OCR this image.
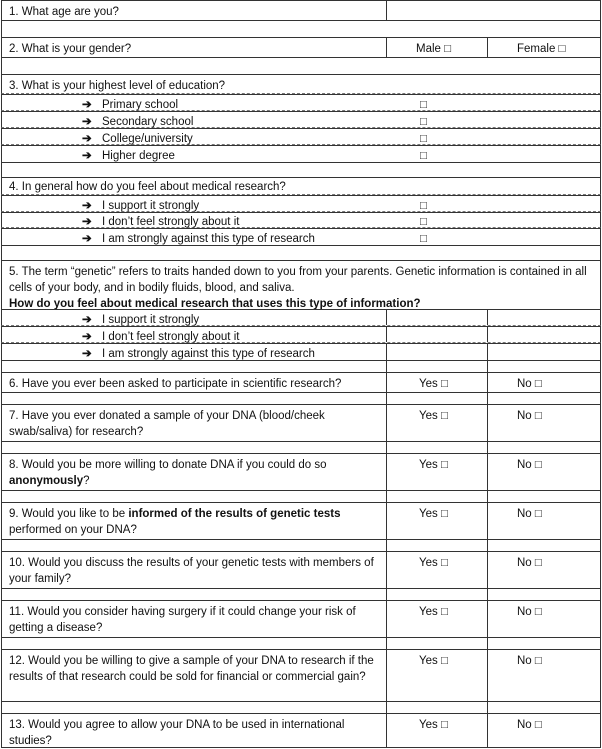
1. What age are you?
2. What is your gender?	Male □	Female □
3. What is your highest level of education?
➔ Primary school	□
➔ Secondary school	□
➔ College/university	□
➔ Higher degree	□
4. In general how do you feel about medical research?
➔ I support it strongly	□
➔ I don’t feel strongly about it	□
➔ I am strongly against this type of research	□
5. The term “genetic” refers to traits handed down to you from your parents. Genetic information is contained in all cells of your body, and in bodily fluids, blood, and saliva.
How do you feel about medical research that uses this type of information?
➔ I support it strongly
➔ I don’t feel strongly about it
➔ I am strongly against this type of research
6. Have you ever been asked to participate in scientific research?	Yes □	No □
7. Have you ever donated a sample of your DNA (blood/cheek swab/saliva) for research?
Yes □	No □
8. Would you be more willing to donate DNA if you could do so anonymously?
Yes □	No □
9. Would you like to be informed of the results of genetic tests performed on your DNA?
Yes □	No □
10. Would you discuss the results of your genetic tests with members of your family?
Yes □	No □
11. Would you consider having surgery if it could change your risk of getting a disease?
Yes □	No □
12. Would you be willing to give a sample of your DNA to research if the results of that research could be sold for financial or commercial gain?
Yes □	No □
13. Would you agree to allow your DNA to be used in international studies?
Yes □	No □
